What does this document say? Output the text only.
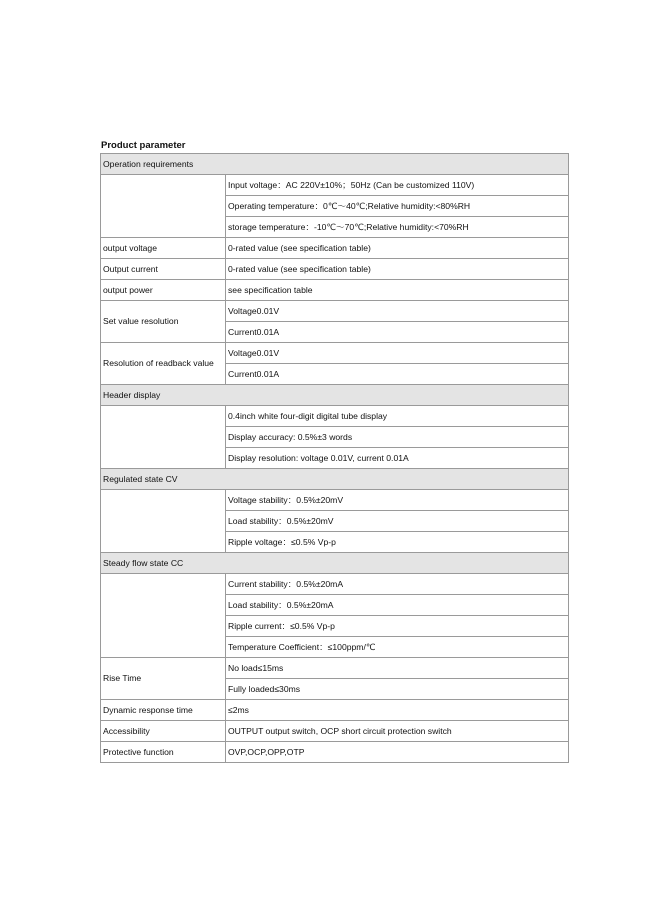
Product parameter
Operation requirements	
	Input voltage：AC 220V±10%；50Hz (Can be customized 110V)
	Operating temperature：0℃～40℃;Relative humidity:<80%RH
	storage temperature：-10℃～70℃;Relative humidity:<70%RH
output voltage	0-rated value (see specification table)
Output current	0-rated value (see specification table)
output power	see specification table
Set value resolution	Voltage0.01V
	Current0.01A
Resolution of readback value	Voltage0.01V
	Current0.01A
Header display	
	0.4inch white four-digit digital tube display
	Display accuracy: 0.5%±3 words
	Display resolution: voltage 0.01V, current 0.01A
Regulated state CV	
	Voltage stability：0.5%±20mV
	Load stability：0.5%±20mV
	Ripple voltage：≤0.5% Vp-p
Steady flow state CC	
	Current stability：0.5%±20mA
	Load stability：0.5%±20mA
	Ripple current：≤0.5% Vp-p
	Temperature Coefficient：≤100ppm/℃
Rise Time	No load≤15ms
	Fully loaded≤30ms
Dynamic response time	≤2ms
Accessibility	OUTPUT output switch, OCP short circuit protection switch
Protective function	OVP,OCP,OPP,OTP
